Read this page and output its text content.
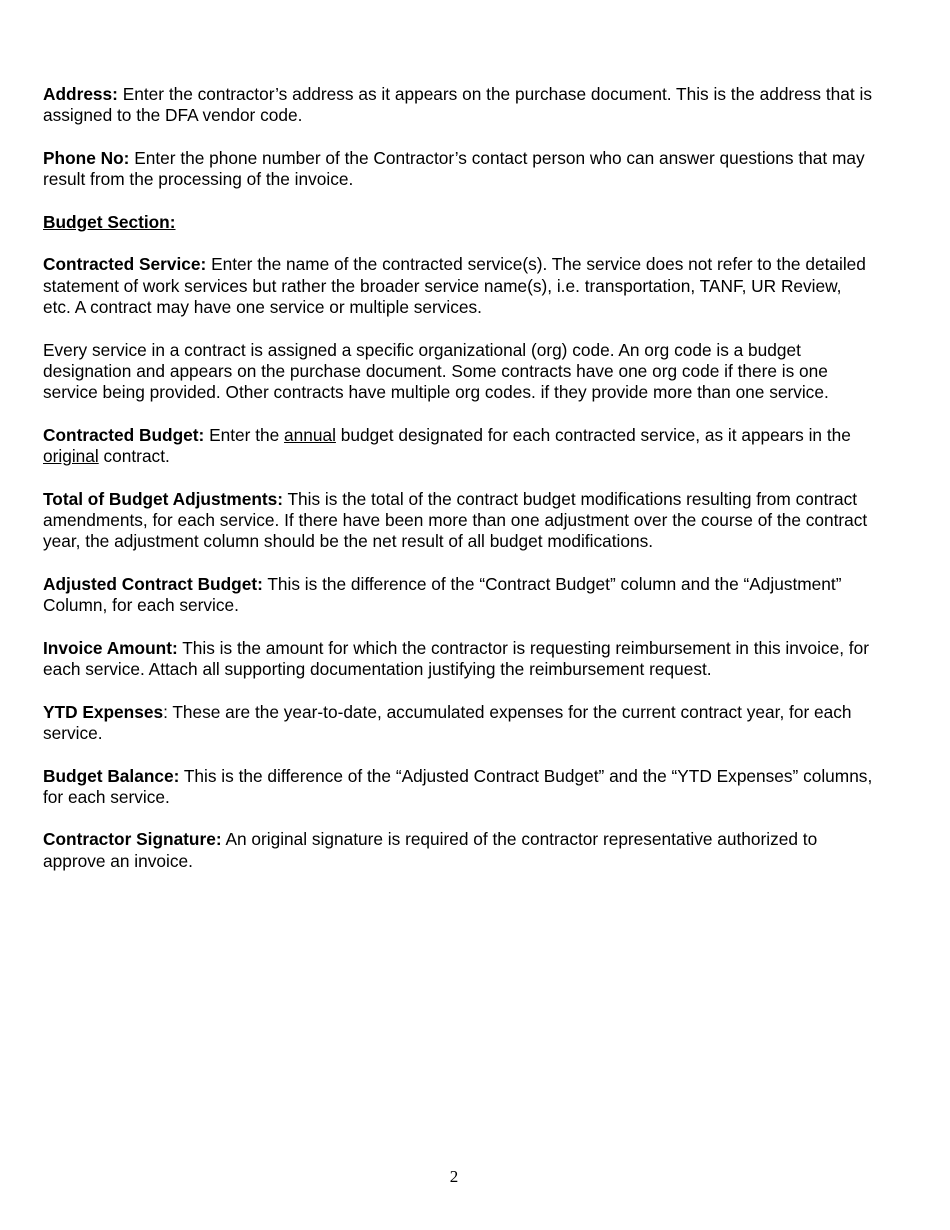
Address: Enter the contractor’s address as it appears on the purchase document. This is the address that is assigned to the DFA vendor code.

Phone No: Enter the phone number of the Contractor’s contact person who can answer questions that may result from the processing of the invoice.

Budget Section:

Contracted Service: Enter the name of the contracted service(s). The service does not refer to the detailed statement of work services but rather the broader service name(s), i.e. transportation, TANF, UR Review, etc. A contract may have one service or multiple services.

Every service in a contract is assigned a specific organizational (org) code. An org code is a budget designation and appears on the purchase document. Some contracts have one org code if there is one service being provided. Other contracts have multiple org codes. if they provide more than one service.

Contracted Budget: Enter the annual budget designated for each contracted service, as it appears in the original contract.

Total of Budget Adjustments: This is the total of the contract budget modifications resulting from contract amendments, for each service. If there have been more than one adjustment over the course of the contract year, the adjustment column should be the net result of all budget modifications.

Adjusted Contract Budget: This is the difference of the “Contract Budget” column and the “Adjustment” Column, for each service.

Invoice Amount: This is the amount for which the contractor is requesting reimbursement in this invoice, for each service. Attach all supporting documentation justifying the reimbursement request.

YTD Expenses: These are the year-to-date, accumulated expenses for the current contract year, for each service.

Budget Balance: This is the difference of the “Adjusted Contract Budget” and the “YTD Expenses” columns, for each service.

Contractor Signature: An original signature is required of the contractor representative authorized to approve an invoice.

2
